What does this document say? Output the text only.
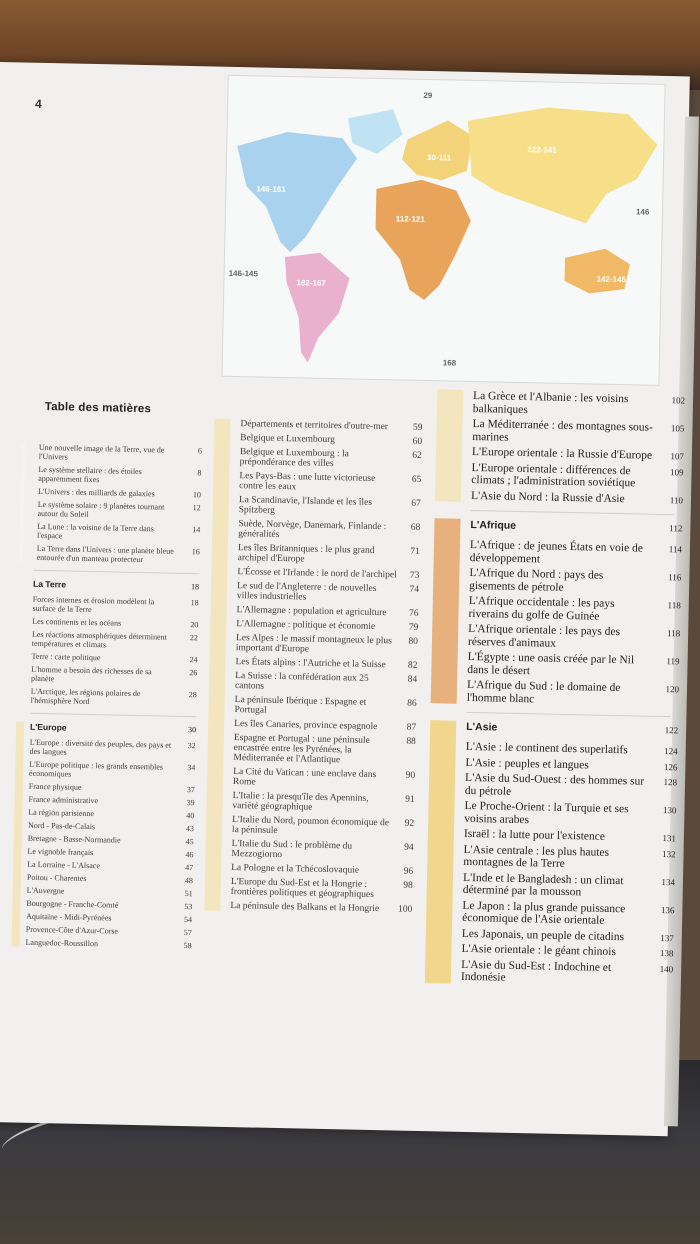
4
30-111
122-141
112-121
146-161
162-167	142-145
29
146
168
146-145
Table des matières
Une nouvelle image de la Terre, vue de l'Univers
6
Le système stellaire : des étoiles apparemment fixes
8
L'Univers : des milliards de galaxies	10
Le système solaire : 9 planètes tournant autour du Soleil
12
La Lune : la voisine de la Terre dans l'espace
14
La Terre dans l'Univers : une planète bleue entourée d'un manteau protecteur
16
La Terre	18
Forces internes et érosion modèlent la surface de la Terre
18
Les continents et les océans	20
Les réactions atmosphériques déterminent températures et climats
22
Terre : carte politique	24
L'homme a besoin des richesses de sa planète
26
L'Arctique, les régions polaires de l'hémisphère Nord
28
L'Europe	30
L'Europe : diversité des peuples, des pays et des langues
32
L'Europe politique : les grands ensembles économiques
34
France physique	37
France administrative	39
La région parisienne	40
Nord - Pas-de-Calais	43
Bretagne - Basse-Normandie	45
Le vignoble français	46
La Lorraine - L'Alsace	47
Poitou - Charentes	48
L'Auvergne	51
Bourgogne - Franche-Comté	53
Aquitaine - Midi-Pyrénées	54
Provence-Côte d'Azur-Corse	57
Languedoc-Roussillon	58
Départements et territoires d'outre-mer	59
Belgique et Luxembourg	60
Belgique et Luxembourg : la prépondérance des villes
62
Les Pays-Bas : une lutte victorieuse contre les eaux
65
La Scandinavie, l'Islande et les îles Spitzberg
67
Suède, Norvège, Danemark, Finlande : généralités
68
Les îles Britanniques : le plus grand archipel d'Europe
71
L'Écosse et l'Irlande : le nord de l'archipel 73
Le sud de l'Angleterre : de nouvelles villes industrielles
74
L'Allemagne : population et agriculture 76
L'Allemagne : politique et économie	79
Les Alpes : le massif montagneux le plus important d'Europe
80
Les États alpins : l'Autriche et la Suisse 82
La Suisse : la confédération aux 25 cantons
84
La péninsule Ibérique : Espagne et Portugal
86
Les îles Canaries, province espagnole	87
Espagne et Portugal : une péninsule encastrée entre les Pyrénées, la Méditerranée et l'Atlantique
88
La Cité du Vatican : une enclave dans Rome
90
L'Italie : la presqu'île des Apennins, variété géographique
91
L'Italie du Nord, poumon économique de la péninsule
92
L'Italie du Sud : le problème du Mezzogiorno
94
La Pologne et la Tchécoslovaquie	96
L'Europe du Sud-Est et la Hongrie : frontières politiques et géographiques
98
La péninsule des Balkans et la Hongrie 100
La Grèce et l'Albanie : les voisins balkaniques
102
La Méditerranée : des montagnes sous-marines
105
L'Europe orientale : la Russie d'Europe 107
L'Europe orientale : différences de climats ; l'administration soviétique
109
L'Asie du Nord : la Russie d'Asie	110
L'Afrique	112
L'Afrique : de jeunes États en voie de développement
114
L'Afrique du Nord : pays des gisements de pétrole
116
L'Afrique occidentale : les pays riverains du golfe de Guinée
118
L'Afrique orientale : les pays des réserves d'animaux
118
L'Égypte : une oasis créée par le Nil dans le désert
119
L'Afrique du Sud : le domaine de l'homme blanc
120
L'Asie	122
L'Asie : le continent des superlatifs	124
L'Asie : peuples et langues	126
L'Asie du Sud-Ouest : des hommes sur du pétrole
128
Le Proche-Orient : la Turquie et ses voisins arabes
130
Israël : la lutte pour l'existence	131
L'Asie centrale : les plus hautes montagnes de la Terre
132
L'Inde et le Bangladesh : un climat déterminé par la mousson
134
Le Japon : la plus grande puissance économique de l'Asie orientale
136
Les Japonais, un peuple de citadins	137
L'Asie orientale : le géant chinois	138
L'Asie du Sud-Est : Indochine et Indonésie
140
